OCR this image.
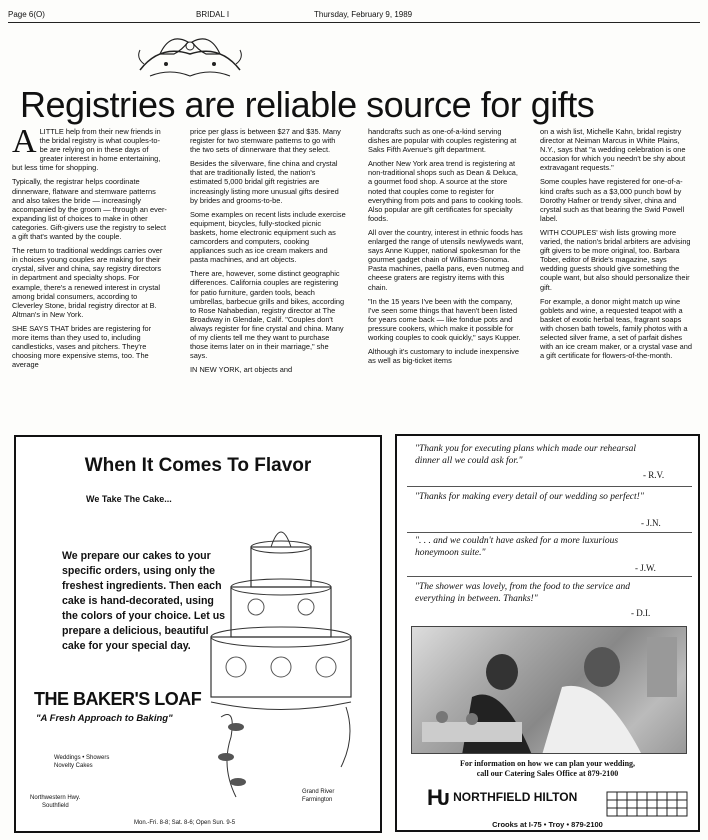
Page 6(O)	BRIDAL I	Thursday, February 9, 1989
Registries are reliable source for gifts

ALITTLE help from their new friends in the bridal registry is what couples-to-be are relying on in these days of greater interest in home entertaining, but less time for shopping.

Typically, the registrar helps coordinate dinnerware, flatware and stemware patterns and also takes the bride — increasingly accompanied by the groom — through an ever-expanding list of choices to make in other categories. Gift-givers use the registry to select a gift that's wanted by the couple.

The return to traditional weddings carries over in choices young couples are making for their crystal, silver and china, say registry directors in department and specialty shops. For example, there's a renewed interest in crystal among bridal consumers, according to Cleverley Stone, bridal registry director at B. Altman's in New York.

SHE SAYS THAT brides are registering for more items than they used to, including candlesticks, vases and pitchers. They're choosing more expensive stems, too. The average

price per glass is between $27 and $35. Many register for two stemware patterns to go with the two sets of dinnerware that they select.

Besides the silverware, fine china and crystal that are traditionally listed, the nation's estimated 5,000 bridal gift registries are increasingly listing more unusual gifts desired by brides and grooms-to-be.

Some examples on recent lists include exercise equipment, bicycles, fully-stocked picnic baskets, home electronic equipment such as camcorders and computers, cooking appliances such as ice cream makers and pasta machines, and art objects.

There are, however, some distinct geographic differences. California couples are registering for patio furniture, garden tools, beach umbrellas, barbecue grills and bikes, according to Rose Nahabedian, registry director at The Broadway in Glendale, Calif. "Couples don't always register for fine crystal and china. Many of my clients tell me they want to purchase those items later on in their marriage," she says.

IN NEW YORK, art objects and

handcrafts such as one-of-a-kind serving dishes are popular with couples registering at Saks Fifth Avenue's gift department.

Another New York area trend is registering at non-traditional shops such as Dean & Deluca, a gourmet food shop. A source at the store noted that couples come to register for everything from pots and pans to cooking tools. Also popular are gift certificates for specialty foods.

All over the country, interest in ethnic foods has enlarged the range of utensils newlyweds want, says Anne Kupper, national spokesman for the gourmet gadget chain of Williams-Sonoma. Pasta machines, paella pans, even nutmeg and cheese graters are registry items with this chain.

"In the 15 years I've been with the company, I've seen some things that haven't been listed for years come back — like fondue pots and pressure cookers, which make it possible for working couples to cook quickly," says Kupper.

Although it's customary to include inexpensive as well as big-ticket items

on a wish list, Michelle Kahn, bridal registry director at Neiman Marcus in White Plains, N.Y., says that "a wedding celebration is one occasion for which you needn't be shy about extravagant requests."

Some couples have registered for one-of-a-kind crafts such as a $3,000 punch bowl by Dorothy Hafner or trendy silver, china and crystal such as that bearing the Swid Powell label.

WITH COUPLES' wish lists growing more varied, the nation's bridal arbiters are advising gift givers to be more original, too. Barbara Tober, editor of Bride's magazine, says wedding guests should give something the couple want, but also should personalize their gift.

For example, a donor might match up wine goblets and wine, a requested teapot with a basket of exotic herbal teas, fragrant soaps with chosen bath towels, family photos with a selected silver frame, a set of parfait dishes with an ice cream maker, or a crystal vase and a gift certificate for flowers-of-the-month.

When It Comes To Flavor
We Take The Cake...
We prepare our cakes to your specific orders, using only the freshest ingredients. Then each cake is hand-decorated, using the colors of your choice. Let us prepare a delicious, beautiful cake for your special day.
THE BAKER'S LOAF
"A Fresh Approach to Baking"
Weddings • Showers
Novelty Cakes
Northwestern Hwy.
Southfield
Grand River
Farmington
Mon.-Fri. 8-8; Sat. 8-6; Open Sun. 9-5
"Thank you for executing plans which made our rehearsal dinner all we could ask for."
- R.V.
"Thanks for making every detail of our wedding so perfect!"
- J.N.
". . . and we couldn't have asked for a more luxurious honeymoon suite."
- J.W.
"The shower was lovely, from the food to the service and everything in between. Thanks!"
- D.I.
For information on how we can plan your wedding,
call our Catering Sales Office at 879-2100
Ƕ NORTHFIELD HILTON
Crooks at I-75 • Troy • 879-2100
